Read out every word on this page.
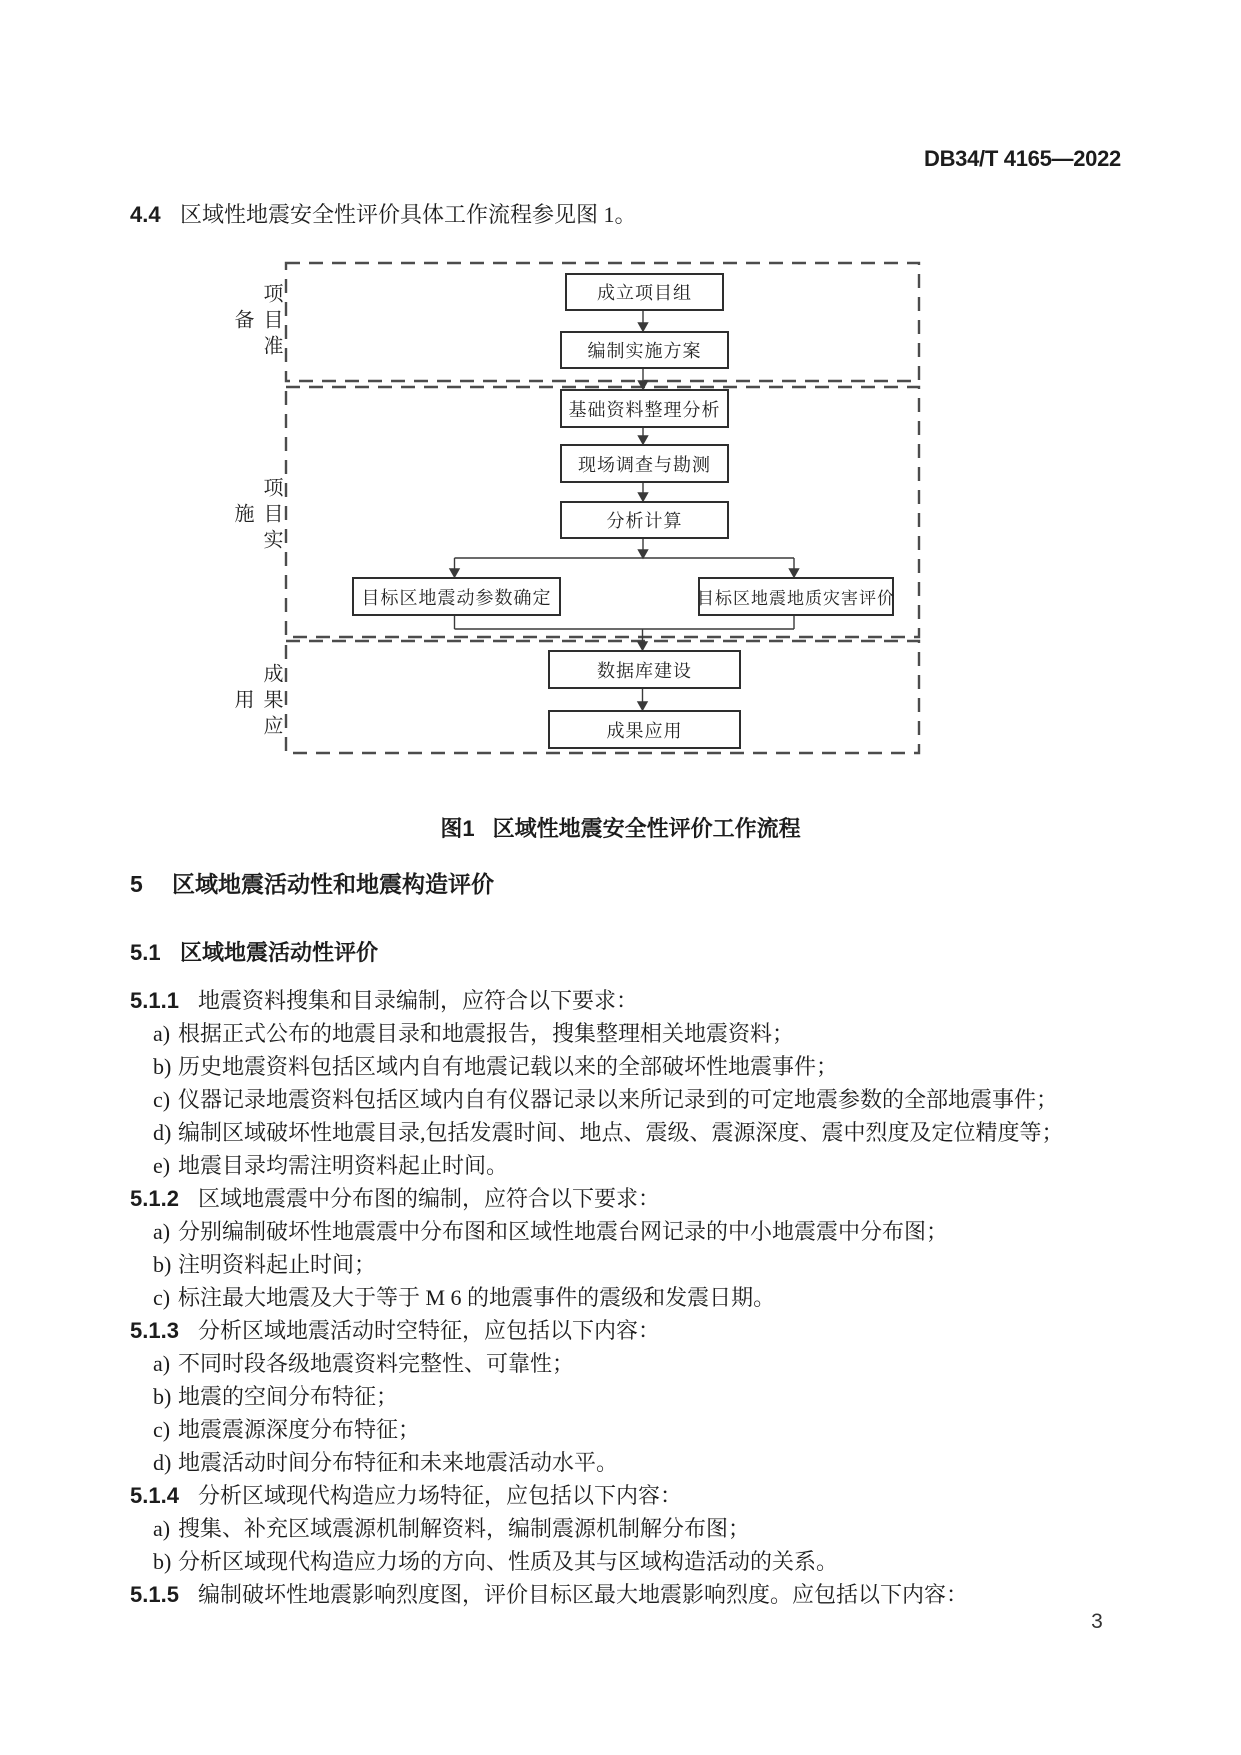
DB34/T 4165—2022
4.4 区域性地震安全性评价具体工作流程参见图 1。
项目准备
项目实施
成果应用
成立项目组
编制实施方案
基础资料整理分析
现场调查与勘测
分析计算
目标区地震动参数确定	目标区地震地质灾害评价
数据库建设
成果应用
图1 区域性地震安全性评价工作流程
5 区域地震活动性和地震构造评价
5.1 区域地震活动性评价
5.1.1 地震资料搜集和目录编制，应符合以下要求：
a) 根据正式公布的地震目录和地震报告，搜集整理相关地震资料；
b) 历史地震资料包括区域内自有地震记载以来的全部破坏性地震事件；
c) 仪器记录地震资料包括区域内自有仪器记录以来所记录到的可定地震参数的全部地震事件；
d) 编制区域破坏性地震目录,包括发震时间、地点、震级、震源深度、震中烈度及定位精度等；
e) 地震目录均需注明资料起止时间。
5.1.2 区域地震震中分布图的编制，应符合以下要求：
a) 分别编制破坏性地震震中分布图和区域性地震台网记录的中小地震震中分布图；
b) 注明资料起止时间；
c) 标注最大地震及大于等于 M 6 的地震事件的震级和发震日期。
5.1.3 分析区域地震活动时空特征，应包括以下内容：
a) 不同时段各级地震资料完整性、可靠性；
b) 地震的空间分布特征；
c) 地震震源深度分布特征；
d) 地震活动时间分布特征和未来地震活动水平。
5.1.4 分析区域现代构造应力场特征，应包括以下内容：
a) 搜集、补充区域震源机制解资料，编制震源机制解分布图；
b) 分析区域现代构造应力场的方向、性质及其与区域构造活动的关系。
5.1.5 编制破坏性地震影响烈度图，评价目标区最大地震影响烈度。应包括以下内容：
3
